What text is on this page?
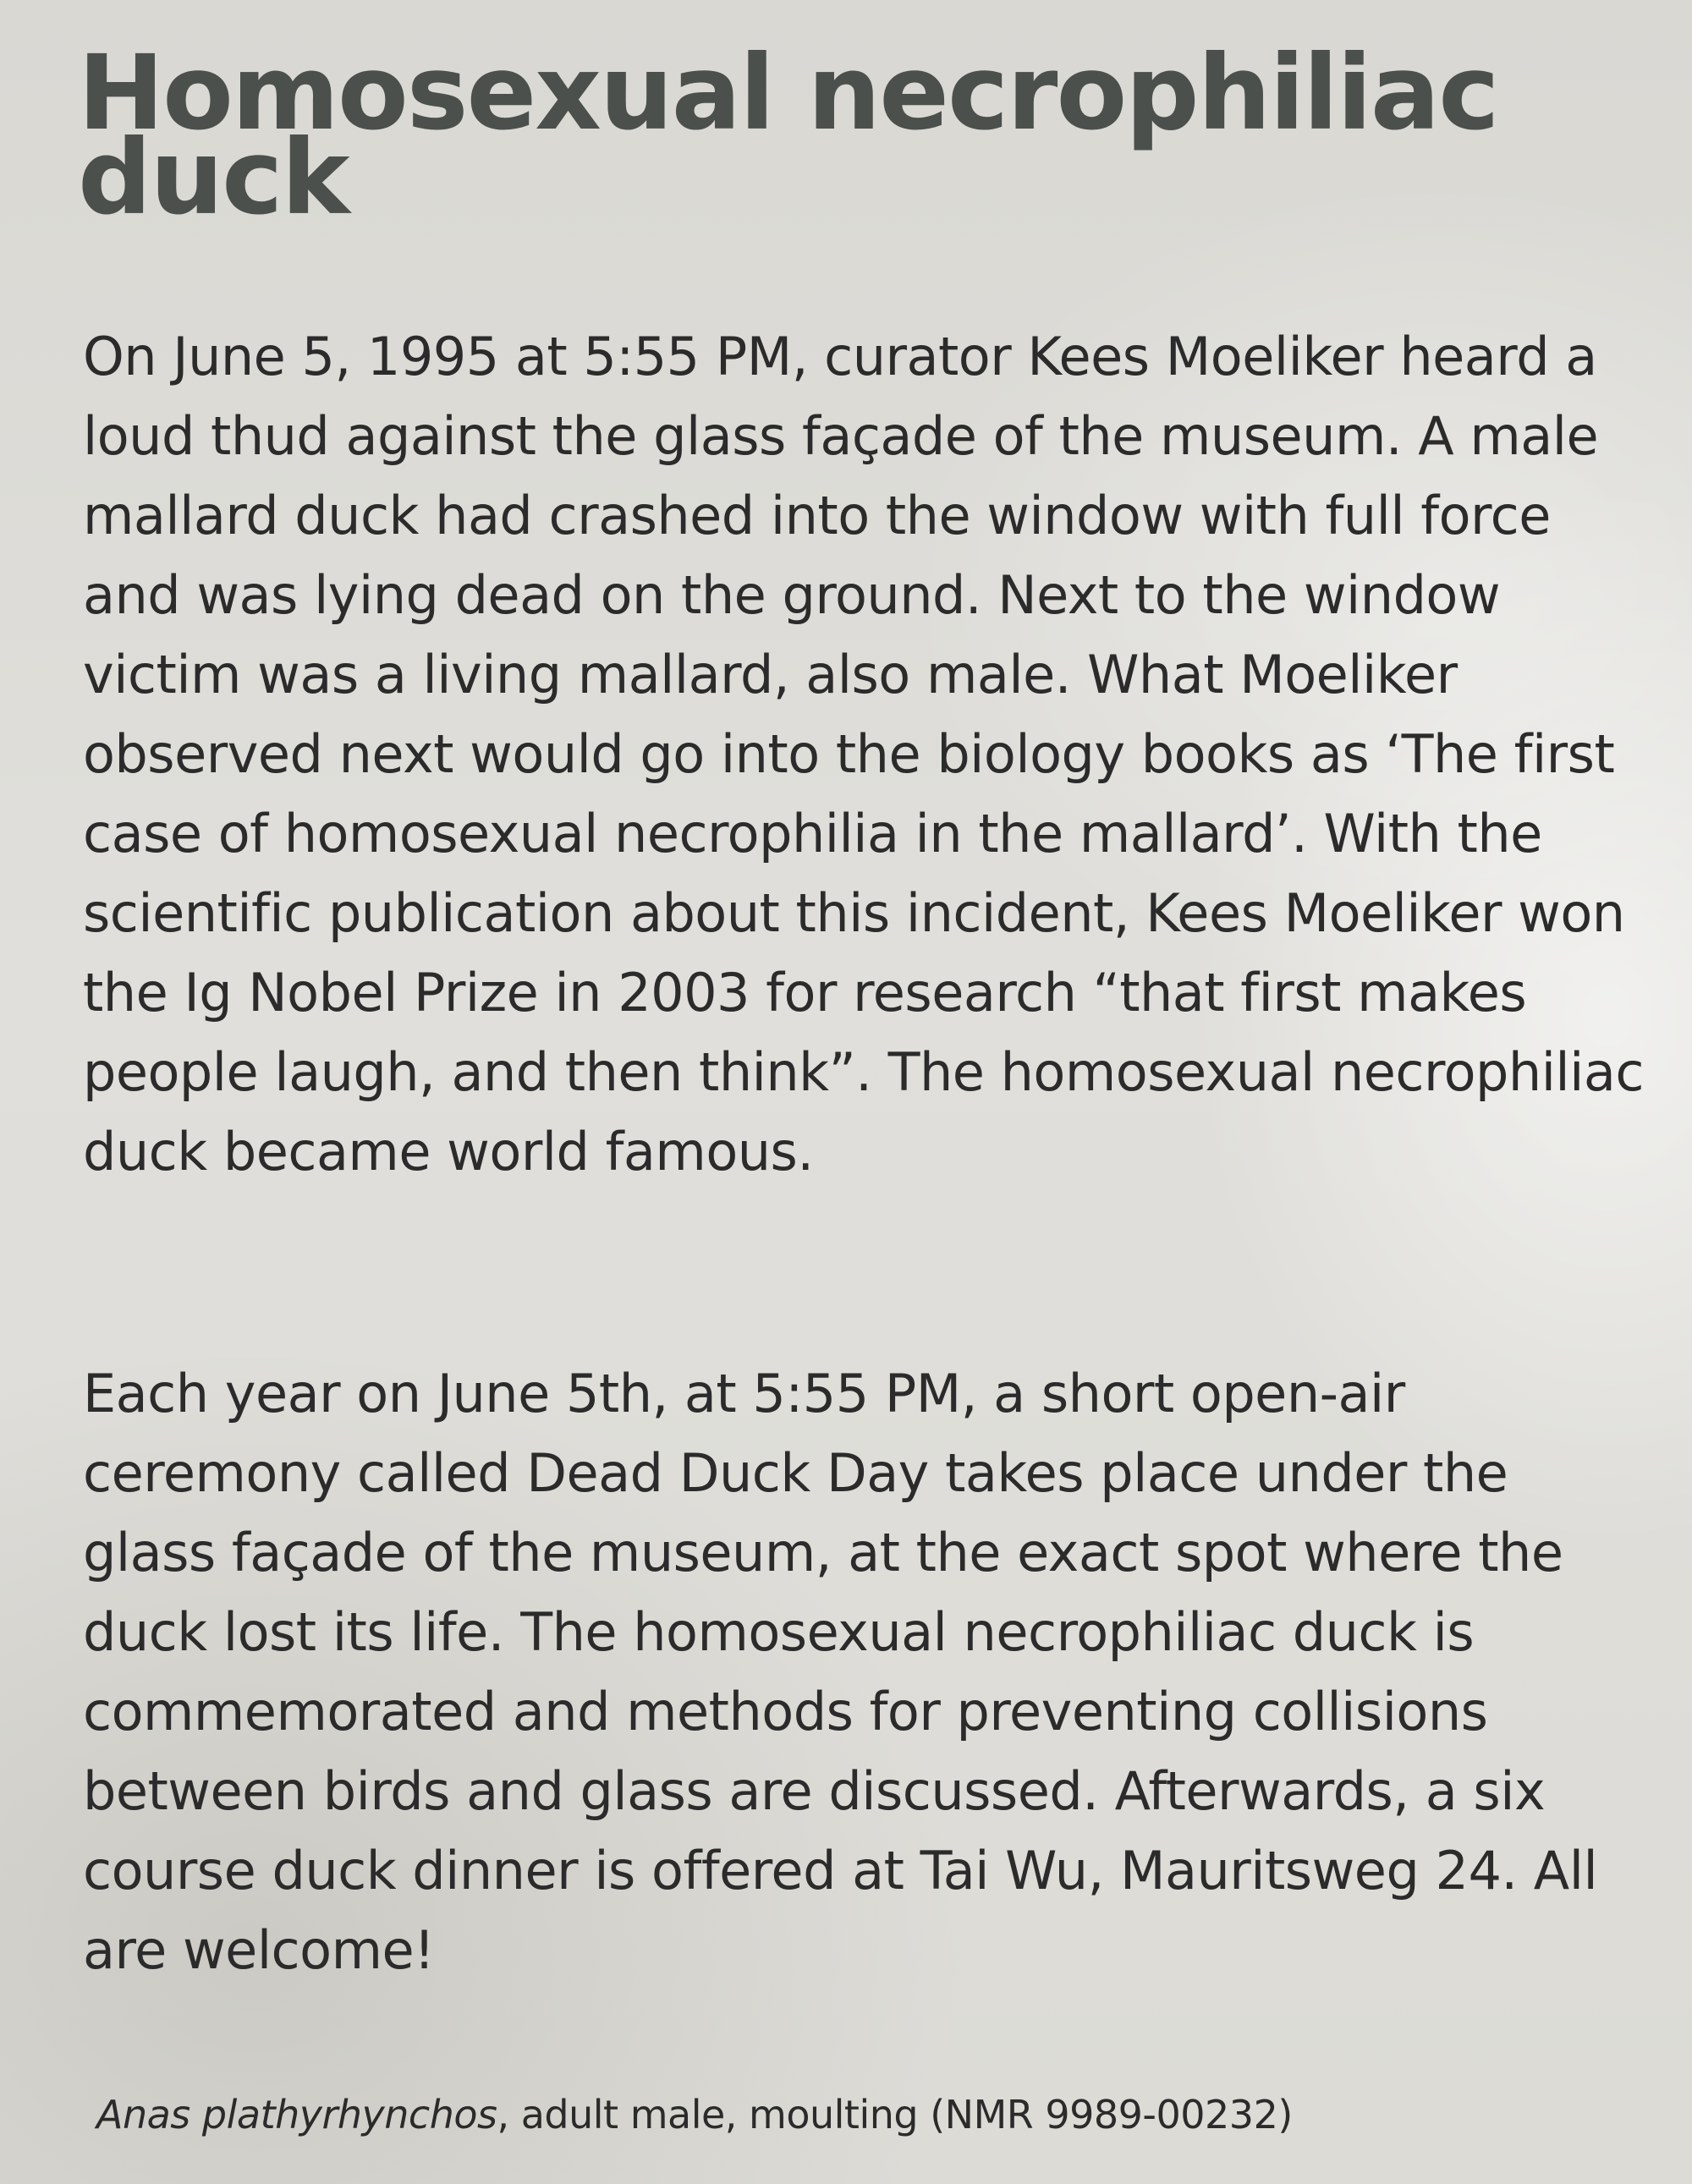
Homosexual necrophiliac duck

On June 5, 1995 at 5:55 PM, curator Kees Moeliker heard a loud thud against the glass façade of the museum. A male mallard duck had crashed into the window with full force and was lying dead on the ground. Next to the window victim was a living mallard, also male. What Moeliker observed next would go into the biology books as ‘The first case of homosexual necrophilia in the mallard’. With the scientific publication about this incident, Kees Moeliker won the Ig Nobel Prize in 2003 for research “that first makes people laugh, and then think”. The homosexual necrophiliac duck became world famous.

Each year on June 5th, at 5:55 PM, a short open-air ceremony called Dead Duck Day takes place under the glass façade of the museum, at the exact spot where the duck lost its life. The homosexual necrophiliac duck is commemorated and methods for preventing collisions between birds and glass are discussed. Afterwards, a six course duck dinner is offered at Tai Wu, Mauritsweg 24. All are welcome!

Anas plathyrhynchos, adult male, moulting (NMR 9989-00232)
